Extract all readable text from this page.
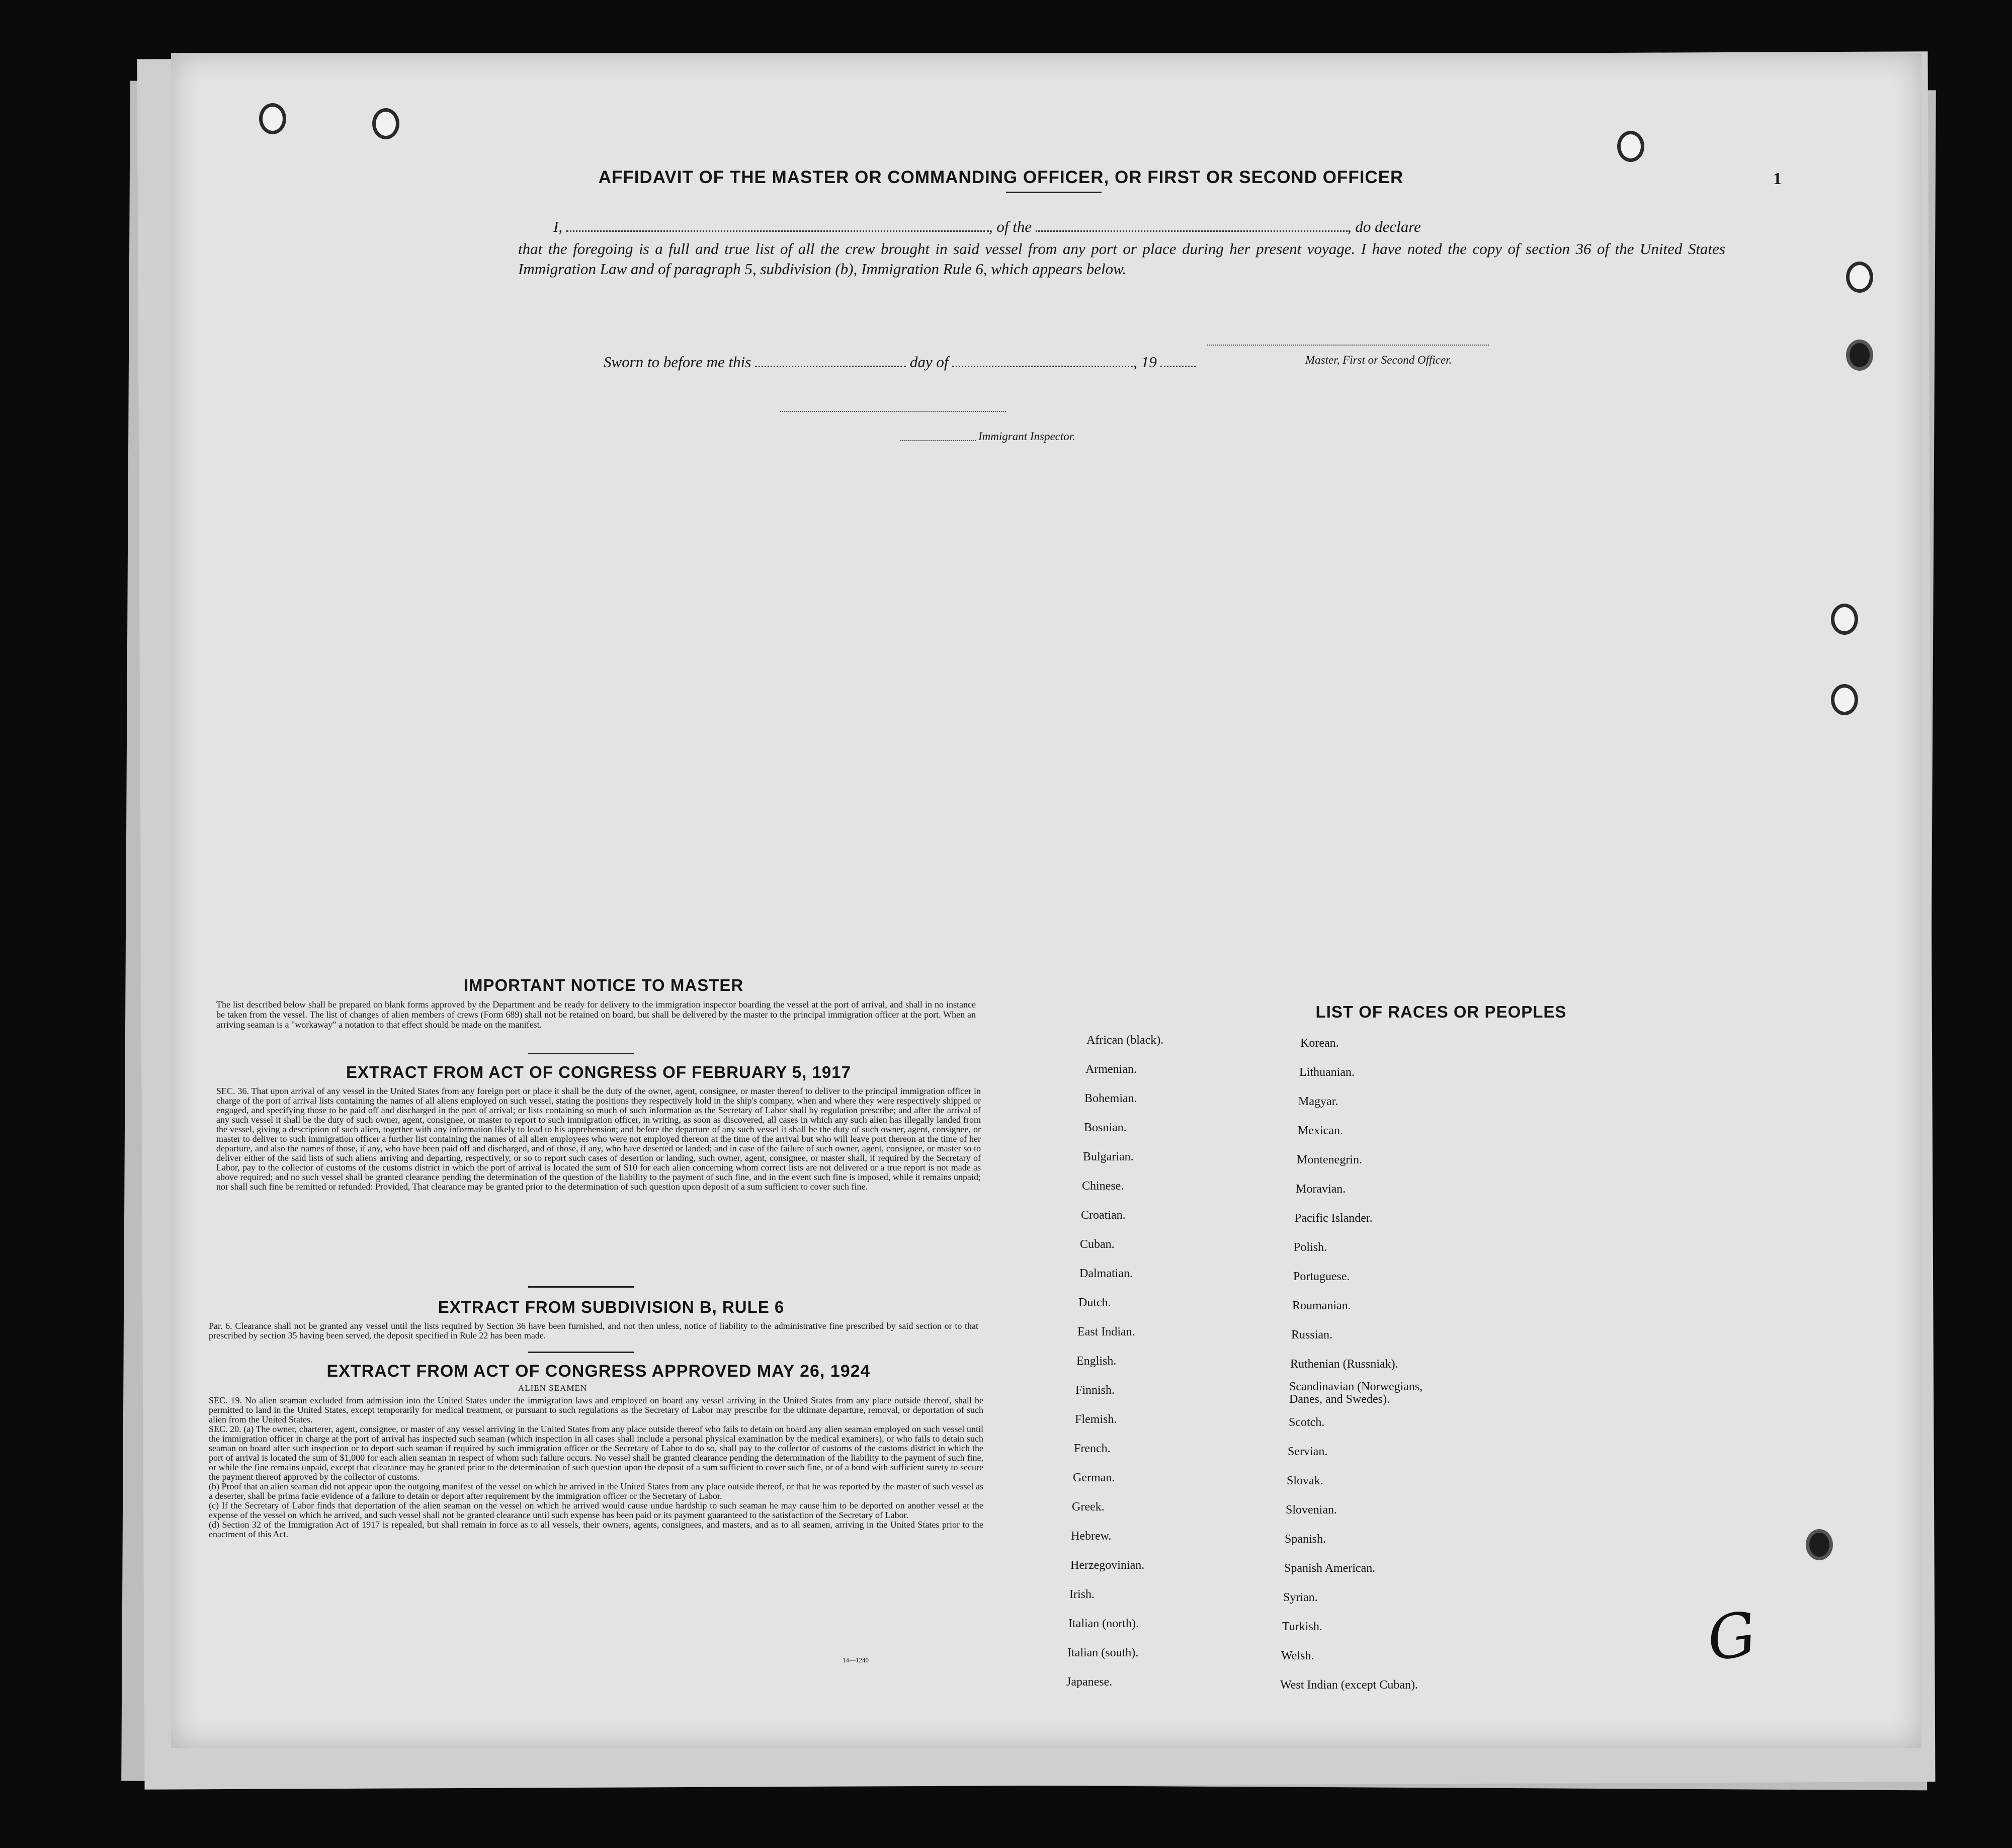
AFFIDAVIT OF THE MASTER OR COMMANDING OFFICER, OR FIRST OR SECOND OFFICER	1
I,	, of the	, do declare
that the foregoing is a full and true list of all the crew brought in said vessel from any port or place during her present voyage. I have noted the copy of section 36 of the United States Immigration Law and of paragraph 5, subdivision (b), Immigration Rule 6, which appears below.
Master, First or Second Officer.
Sworn to before me this	day of	, 19
Immigrant Inspector.
IMPORTANT NOTICE TO MASTER
The list described below shall be prepared on blank forms approved by the Department and be ready for delivery to the immigration inspector boarding the vessel at the port of arrival, and shall in no instance be taken from the vessel. The list of changes of alien members of crews (Form 689) shall not be retained on board, but shall be delivered by the master to the principal immigration officer at the port. When an arriving seaman is a "workaway" a notation to that effect should be made on the manifest.
EXTRACT FROM ACT OF CONGRESS OF FEBRUARY 5, 1917
SEC. 36. That upon arrival of any vessel in the United States from any foreign port or place it shall be the duty of the owner, agent, consignee, or master thereof to deliver to the principal immigration officer in charge of the port of arrival lists containing the names of all aliens employed on such vessel, stating the positions they respectively hold in the ship's company, when and where they were respectively shipped or engaged, and specifying those to be paid off and discharged in the port of arrival; or lists containing so much of such information as the Secretary of Labor shall by regulation prescribe; and after the arrival of any such vessel it shall be the duty of such owner, agent, consignee, or master to report to such immigration officer, in writing, as soon as discovered, all cases in which any such alien has illegally landed from the vessel, giving a description of such alien, together with any information likely to lead to his apprehension; and before the departure of any such vessel it shall be the duty of such owner, agent, consignee, or master to deliver to such immigration officer a further list containing the names of all alien employees who were not employed thereon at the time of the arrival but who will leave port thereon at the time of her departure, and also the names of those, if any, who have been paid off and discharged, and of those, if any, who have deserted or landed; and in case of the failure of such owner, agent, consignee, or master so to deliver either of the said lists of such aliens arriving and departing, respectively, or so to report such cases of desertion or landing, such owner, agent, consignee, or master shall, if required by the Secretary of Labor, pay to the collector of customs of the customs district in which the port of arrival is located the sum of $10 for each alien concerning whom correct lists are not delivered or a true report is not made as above required; and no such vessel shall be granted clearance pending the determination of the question of the liability to the payment of such fine, and in the event such fine is imposed, while it remains unpaid; nor shall such fine be remitted or refunded: Provided, That clearance may be granted prior to the determination of such question upon deposit of a sum sufficient to cover such fine.
EXTRACT FROM SUBDIVISION B, RULE 6
Par. 6. Clearance shall not be granted any vessel until the lists required by Section 36 have been furnished, and not then unless, notice of liability to the administrative fine prescribed by said section or to that prescribed by section 35 having been served, the deposit specified in Rule 22 has been made.
EXTRACT FROM ACT OF CONGRESS APPROVED MAY 26, 1924
ALIEN SEAMEN
SEC. 19. No alien seaman excluded from admission into the United States under the immigration laws and employed on board any vessel arriving in the United States from any place outside thereof, shall be permitted to land in the United States, except temporarily for medical treatment, or pursuant to such regulations as the Secretary of Labor may prescribe for the ultimate departure, removal, or deportation of such alien from the United States.
SEC. 20. (a) The owner, charterer, agent, consignee, or master of any vessel arriving in the United States from any place outside thereof who fails to detain on board any alien seaman employed on such vessel until the immigration officer in charge at the port of arrival has inspected such seaman (which inspection in all cases shall include a personal physical examination by the medical examiners), or who fails to detain such seaman on board after such inspection or to deport such seaman if required by such immigration officer or the Secretary of Labor to do so, shall pay to the collector of customs of the customs district in which the port of arrival is located the sum of $1,000 for each alien seaman in respect of whom such failure occurs. No vessel shall be granted clearance pending the determination of the liability to the payment of such fine, or while the fine remains unpaid, except that clearance may be granted prior to the determination of such question upon the deposit of a sum sufficient to cover such fine, or of a bond with sufficient surety to secure the payment thereof approved by the collector of customs.
(b) Proof that an alien seaman did not appear upon the outgoing manifest of the vessel on which he arrived in the United States from any place outside thereof, or that he was reported by the master of such vessel as a deserter, shall be prima facie evidence of a failure to detain or deport after requirement by the immigration officer or the Secretary of Labor.
(c) If the Secretary of Labor finds that deportation of the alien seaman on the vessel on which he arrived would cause undue hardship to such seaman he may cause him to be deported on another vessel at the expense of the vessel on which he arrived, and such vessel shall not be granted clearance until such expense has been paid or its payment guaranteed to the satisfaction of the Secretary of Labor.
(d) Section 32 of the Immigration Act of 1917 is repealed, but shall remain in force as to all vessels, their owners, agents, consignees, and masters, and as to all seamen, arriving in the United States prior to the enactment of this Act.
14—1240
LIST OF RACES OR PEOPLES
African (black).
Armenian.
Bohemian.
Bosnian.
Bulgarian.
Chinese.
Croatian.
Cuban.
Dalmatian.
Dutch.
East Indian.
English.
Finnish.
Flemish.
French.
German.
Greek.
Hebrew.
Herzegovinian.
Irish.
Italian (north).
Italian (south).
Japanese.
Korean.
Lithuanian.
Magyar.
Mexican.
Montenegrin.
Moravian.
Pacific Islander.
Polish.
Portuguese.
Roumanian.
Russian.
Ruthenian (Russniak).
Scandinavian (Norwegians, Danes, and Swedes).
Scotch.
Servian.
Slovak.
Slovenian.
Spanish.
Spanish American.
Syrian.
Turkish.
Welsh.
West Indian (except Cuban).
G
